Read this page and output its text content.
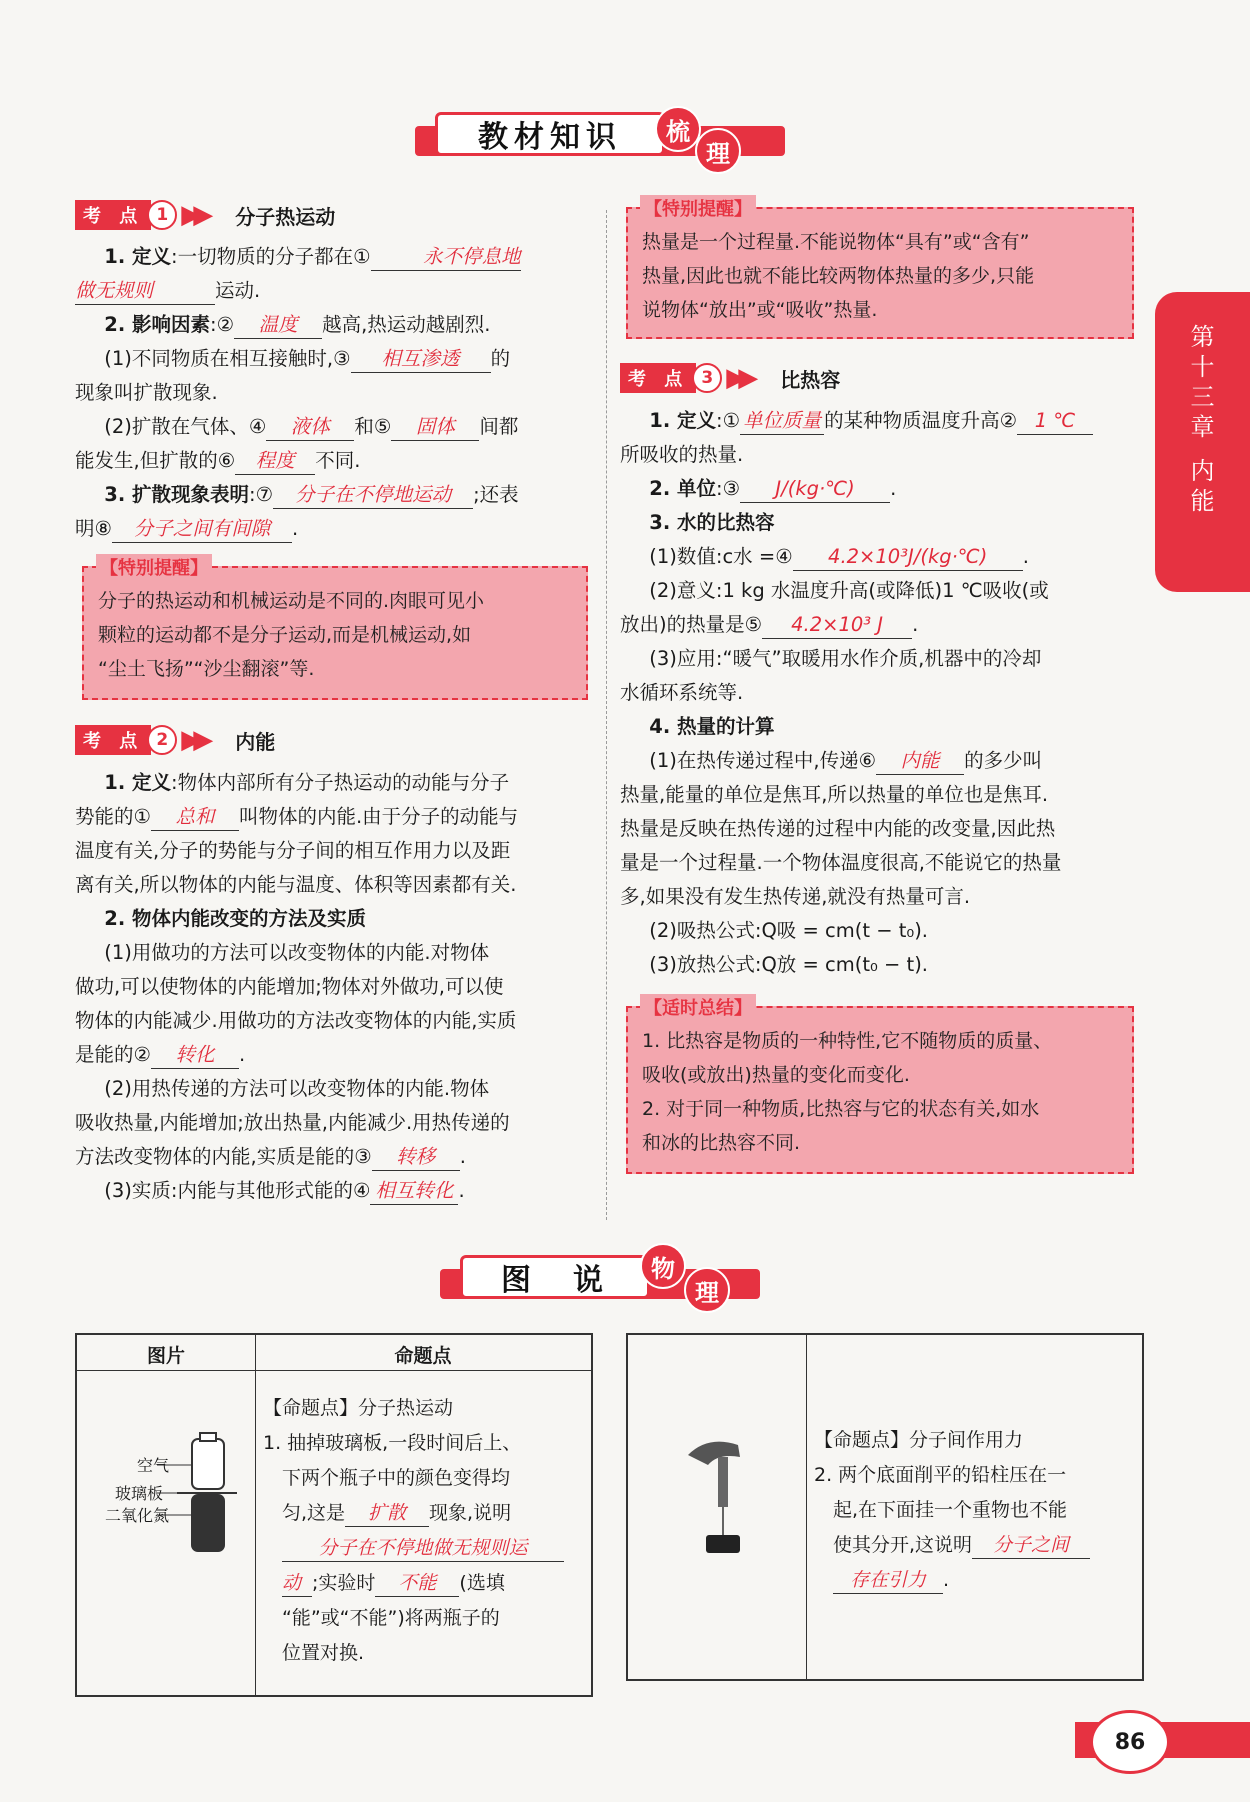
教材知识	梳
理
第
十
三
章
内
能
考 点 1 ▶▶ 分子热运动
  1. 定义:一切物质的分子都在①	永不停息地
做无规则	运动.
  2. 影响因素:② 温度 越高,热运动越剧烈.
  (1)不同物质在相互接触时,③ 相互渗透 的
现象叫扩散现象.
  (2)扩散在气体、④ 液体 和⑤ 固体 间都
能发生,但扩散的⑥ 程度 不同.
  3. 扩散现象表明:⑦ 分子在不停地运动 ;还表
明⑧ 分子之间有间隙 .
【特别提醒】
分子的热运动和机械运动是不同的.肉眼可见小
颗粒的运动都不是分子运动,而是机械运动,如
“尘土飞扬”“沙尘翻滚”等.
考 点 2 ▶▶ 内能
  1. 定义:物体内部所有分子热运动的动能与分子
势能的① 总和 叫物体的内能.由于分子的动能与
温度有关,分子的势能与分子间的相互作用力以及距
离有关,所以物体的内能与温度、体积等因素都有关.
  2. 物体内能改变的方法及实质
  (1)用做功的方法可以改变物体的内能.对物体
做功,可以使物体的内能增加;物体对外做功,可以使
物体的内能减少.用做功的方法改变物体的内能,实质
是能的② 转化 .
  (2)用热传递的方法可以改变物体的内能.物体
吸收热量,内能增加;放出热量,内能减少.用热传递的
方法改变物体的内能,实质是能的③ 转移 .
  (3)实质:内能与其他形式能的④ 相互转化 .
【特别提醒】
热量是一个过程量.不能说物体“具有”或“含有”
热量,因此也就不能比较两物体热量的多少,只能
说物体“放出”或“吸收”热量.
考 点 3 ▶▶ 比热容
  1. 定义:① 单位质量 的某种物质温度升高② 1 ℃
所吸收的热量.
  2. 单位:③ J/(kg·℃) .
  3. 水的比热容
  (1)数值:c水 =④ 4.2×10³J/(kg·℃) .
  (2)意义:1 kg 水温度升高(或降低)1 ℃吸收(或
放出)的热量是⑤ 4.2×10³ J .
  (3)应用:“暖气”取暖用水作介质,机器中的冷却
水循环系统等.
  4. 热量的计算
  (1)在热传递过程中,传递⑥ 内能 的多少叫
热量,能量的单位是焦耳,所以热量的单位也是焦耳.
热量是反映在热传递的过程中内能的改变量,因此热
量是一个过程量.一个物体温度很高,不能说它的热量
多,如果没有发生热传递,就没有热量可言.
  (2)吸热公式:Q吸 = cm(t − t₀).
  (3)放热公式:Q放 = cm(t₀ − t).
【适时总结】
1. 比热容是物质的一种特性,它不随物质的质量、
吸收(或放出)热量的变化而变化.
2. 对于同一种物质,比热容与它的状态有关,如水
和冰的比热容不同.
图　说	物
理
图片	命题点
空气
玻璃板
二氧化氮
【命题点】分子热运动
1. 抽掉玻璃板,一段时间后上、
 下两个瓶子中的颜色变得均
 匀,这是 扩散 现象,说明
 分子在不停地做无规则运
 动 ;实验时 不能 (选填
 “能”或“不能”)将两瓶子的
 位置对换.
【命题点】分子间作用力
2. 两个底面削平的铅柱压在一
 起,在下面挂一个重物也不能
 使其分开,这说明 分子之间
 存在引力 .
86
